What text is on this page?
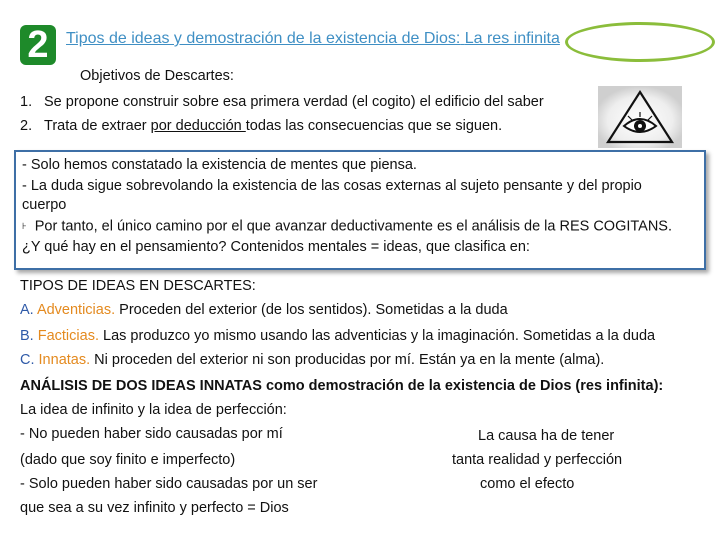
2	Tipos de ideas y demostración de la existencia de Dios: La res infinita
Objetivos de Descartes:
1. Se propone construir sobre esa primera verdad (el cogito) el edificio del saber
2. Trata de extraer por deducción todas las consecuencias que se siguen.

- Solo hemos constatado la existencia de mentes que piensa.

- La duda sigue sobrevolando la existencia de las cosas externas al sujeto pensante y del propio

cuerpo

⊦ Por tanto, el único camino por el que avanzar deductivamente es el análisis de la RES COGITANS.

¿Y qué hay en el pensamiento? Contenidos mentales = ideas, que clasifica en:

TIPOS DE IDEAS EN DESCARTES:
A. Adventicias. Proceden del exterior (de los sentidos). Sometidas a la duda
B. Facticias. Las produzco yo mismo usando las adventicias y la imaginación. Sometidas a la duda
C. Innatas. Ni proceden del exterior ni son producidas por mí. Están ya en la mente (alma).
ANÁLISIS DE DOS IDEAS INNATAS como demostración de la existencia de Dios (res infinita):
La idea de infinito y la idea de perfección:
- No pueden haber sido causadas por mí
(dado que soy finito e imperfecto)
- Solo pueden haber sido causadas por un ser
que sea a su vez infinito y perfecto = Dios
La causa ha de tener
tanta realidad y perfección
como el efecto
